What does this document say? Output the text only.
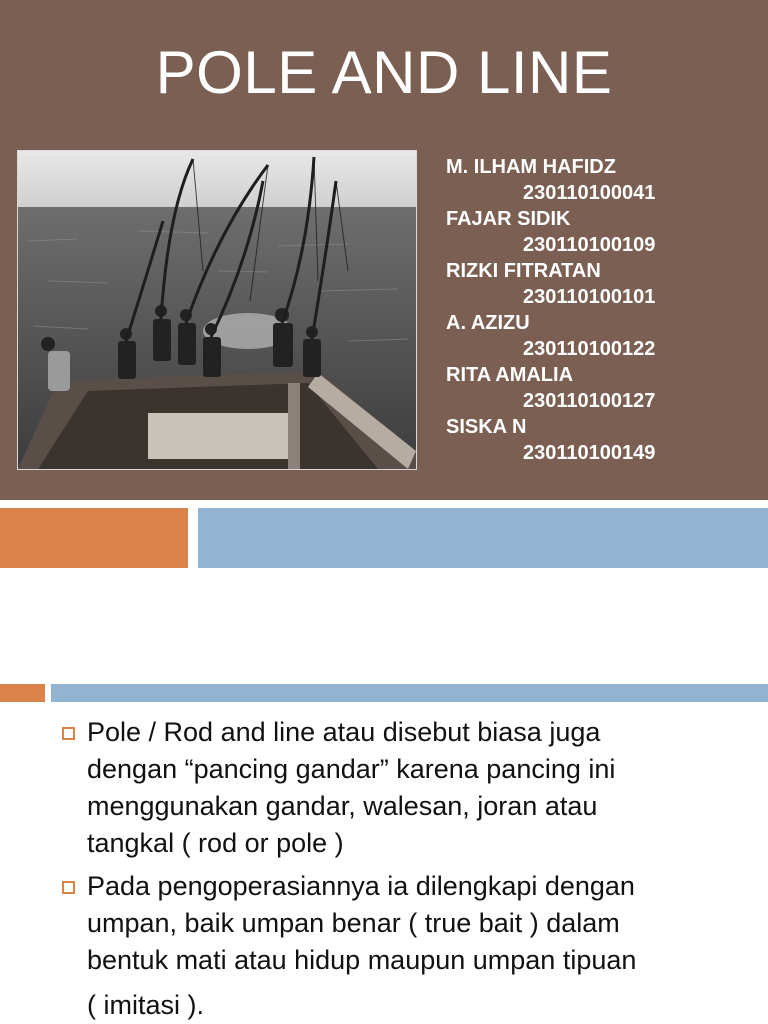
POLE AND LINE
M. ILHAM HAFIDZ
230110100041
FAJAR SIDIK
230110100109
RIZKI FITRATAN
230110100101
A. AZIZU
230110100122
RITA AMALIA
230110100127
SISKA N
230110100149
Pole / Rod and line atau disebut biasa juga
dengan “pancing gandar” karena pancing ini
menggunakan gandar, walesan, joran atau
tangkal ( rod or pole )
Pada pengoperasiannya ia dilengkapi dengan
umpan, baik umpan benar ( true bait ) dalam
bentuk mati atau hidup maupun umpan tipuan
( imitasi ).
